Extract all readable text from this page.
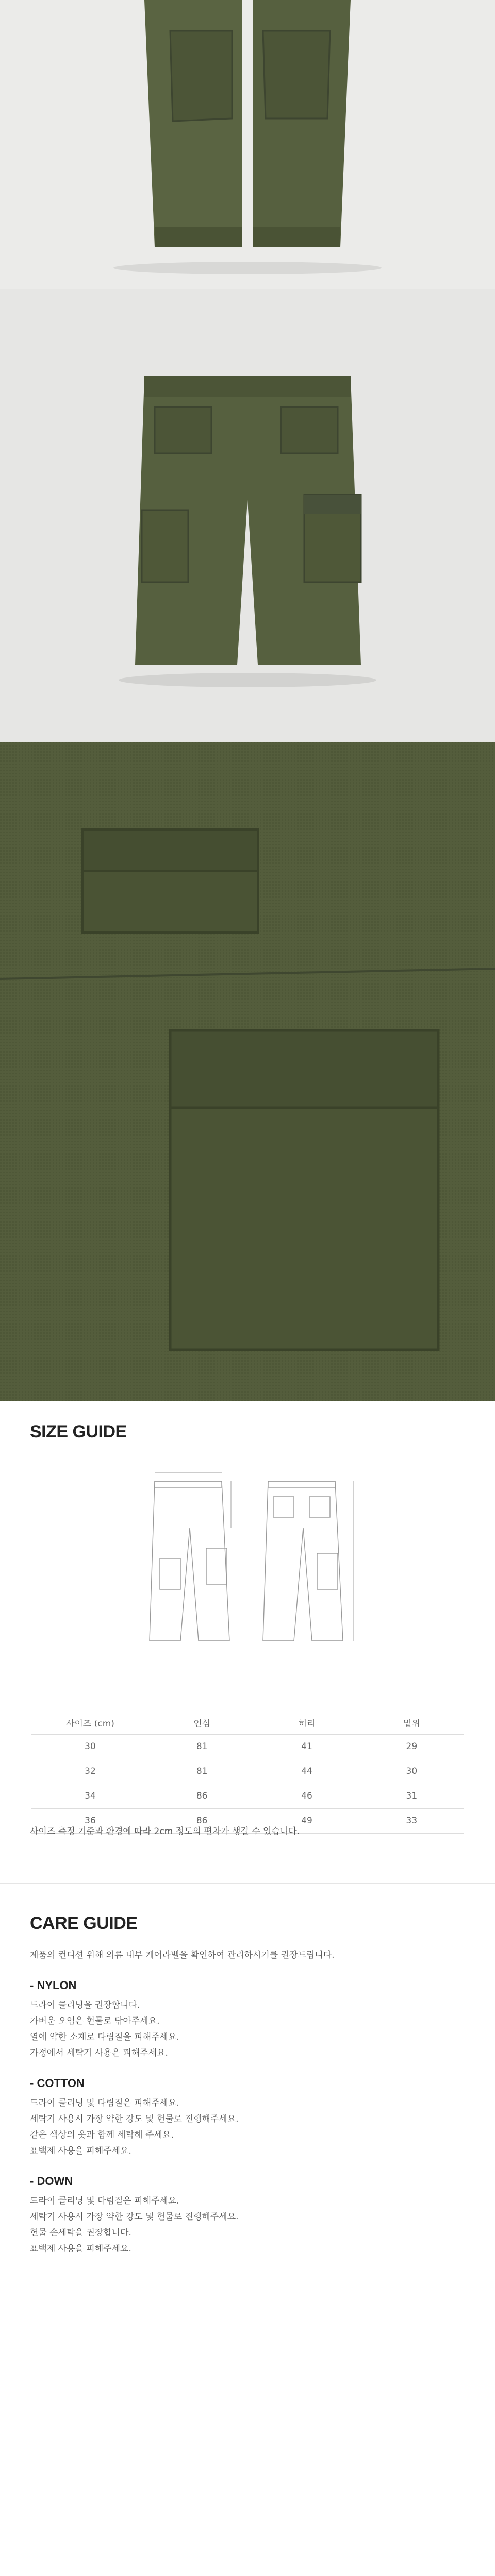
SIZE GUIDE
사이즈 (cm)	인심	허리	밑위
30	81	41	29
32	81	44	30
34	86	46	31
36	86	49	33

사이즈 측정 기준과 환경에 따라 2cm 정도의 편차가 생길 수 있습니다.

CARE GUIDE

제품의 컨디션 위해 의류 내부 케어라벨을 확인하여 관리하시기를 권장드립니다.

- NYLON

드라이 클리닝을 권장합니다.

가벼운 오염은 헌물로 닦아주세요.

열에 약한 소재로 다림질을 피해주세요.

가정에서 세탁기 사용은 피해주세요.

- COTTON

드라이 클리닝 및 다림질은 피해주세요.

세탁기 사용시 가장 약한 강도 및 헌물로 진행해주세요.

같은 색상의 옷과 함께 세탁해 주세요.

표백제 사용을 피해주세요.

- DOWN

드라이 클리닝 및 다림질은 피해주세요.

세탁기 사용시 가장 약한 강도 및 헌물로 진행해주세요.

헌물 손세탁을 권장합니다.

표백제 사용을 피해주세요.
